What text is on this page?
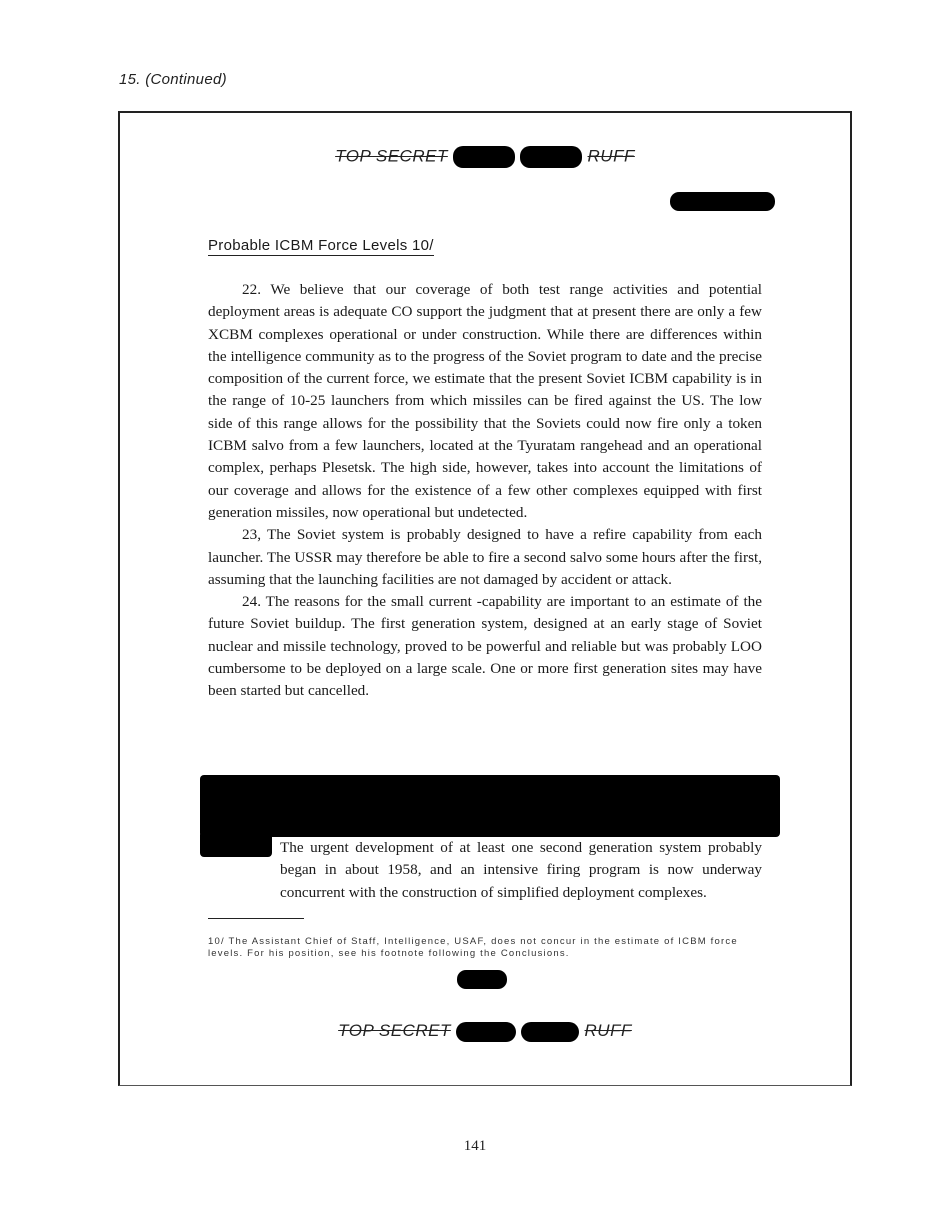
15. (Continued)
TOP SECRET	RUFF
Probable ICBM Force Levels 10/

22. We believe that our coverage of both test range activities and potential deployment areas is adequate CO support the judgment that at present there are only a few XCBM complexes operational or under construction. While there are differences within the intelligence community as to the progress of the Soviet program to date and the precise composition of the current force, we estimate that the present Soviet ICBM capability is in the range of 10-25 launchers from which missiles can be fired against the US. The low side of this range allows for the possibility that the Soviets could now fire only a token ICBM salvo from a few launchers, located at the Tyuratam rangehead and an operational complex, perhaps Plesetsk. The high side, however, takes into account the limitations of our coverage and allows for the existence of a few other complexes equipped with first generation missiles, now operational but undetected.

23, The Soviet system is probably designed to have a refire capability from each launcher. The USSR may therefore be able to fire a second salvo some hours after the first, assuming that the launching facilities are not damaged by accident or attack.

24. The reasons for the small current -capability are important to an estimate of the future Soviet buildup. The first generation system, designed at an early stage of Soviet nuclear and missile technology, proved to be powerful and reliable but was probably LOO cumbersome to be deployed on a large scale. One or more first generation sites may have been started but cancelled.

The urgent development of at least one second generation system probably began in about 1958, and an intensive firing program is now underway concurrent with the construction of simplified deployment complexes.
10/ The Assistant Chief of Staff, Intelligence, USAF, does not concur in the estimate of ICBM force levels. For his position, see his footnote following the Conclusions.
TOP SECRET	RUFF
141
